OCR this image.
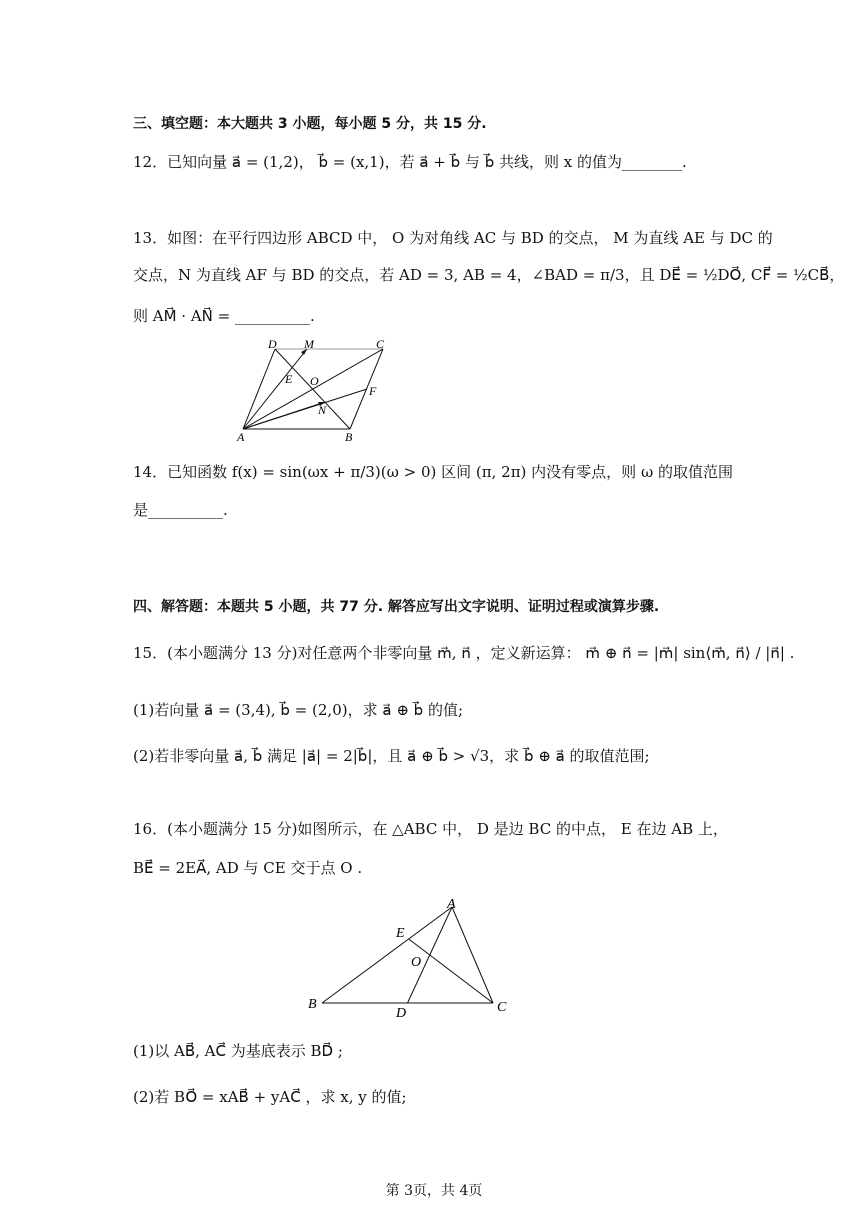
三、填空题：本大题共 3 小题，每小题 5 分，共 15 分.
12．已知向量 a⃗ = (1,2)， b⃗ = (x,1)，若 a⃗ + b⃗ 与 b⃗ 共线，则 x 的值为________.
13．如图：在平行四边形 ABCD 中， O 为对角线 AC 与 BD 的交点， M 为直线 AE 与 DC 的
交点，N 为直线 AF 与 BD 的交点，若 AD = 3, AB = 4，∠BAD = π/3，且 DE⃗ = ½DO⃗, CF⃗ = ½CB⃗，
则 AM⃗ · AN⃗ = __________.
D M	C
E O
F
N
A	B
14．已知函数 f(x) = sin(ωx + π/3)(ω > 0) 区间 (π, 2π) 内没有零点，则 ω 的取值范围
是__________.
四、解答题：本题共 5 小题，共 77 分. 解答应写出文字说明、证明过程或演算步骤.
15．(本小题满分 13 分)对任意两个非零向量 m⃗, n⃗ ，定义新运算： m⃗ ⊕ n⃗ = |m⃗| sin⟨m⃗, n⃗⟩ / |n⃗| .
(1)若向量 a⃗ = (3,4), b⃗ = (2,0)，求 a⃗ ⊕ b⃗ 的值;
(2)若非零向量 a⃗, b⃗ 满足 |a⃗| = 2|b⃗|，且 a⃗ ⊕ b⃗ > √3，求 b⃗ ⊕ a⃗ 的取值范围;
16．(本小题满分 15 分)如图所示，在 △ABC 中， D 是边 BC 的中点， E 在边 AB 上，
BE⃗ = 2EA⃗, AD 与 CE 交于点 O .
A
E
O
B
D	C
(1)以 AB⃗, AC⃗ 为基底表示 BD⃗ ;
(2)若 BO⃗ = xAB⃗ + yAC⃗ ，求 x, y 的值;
第 3页，共 4页
